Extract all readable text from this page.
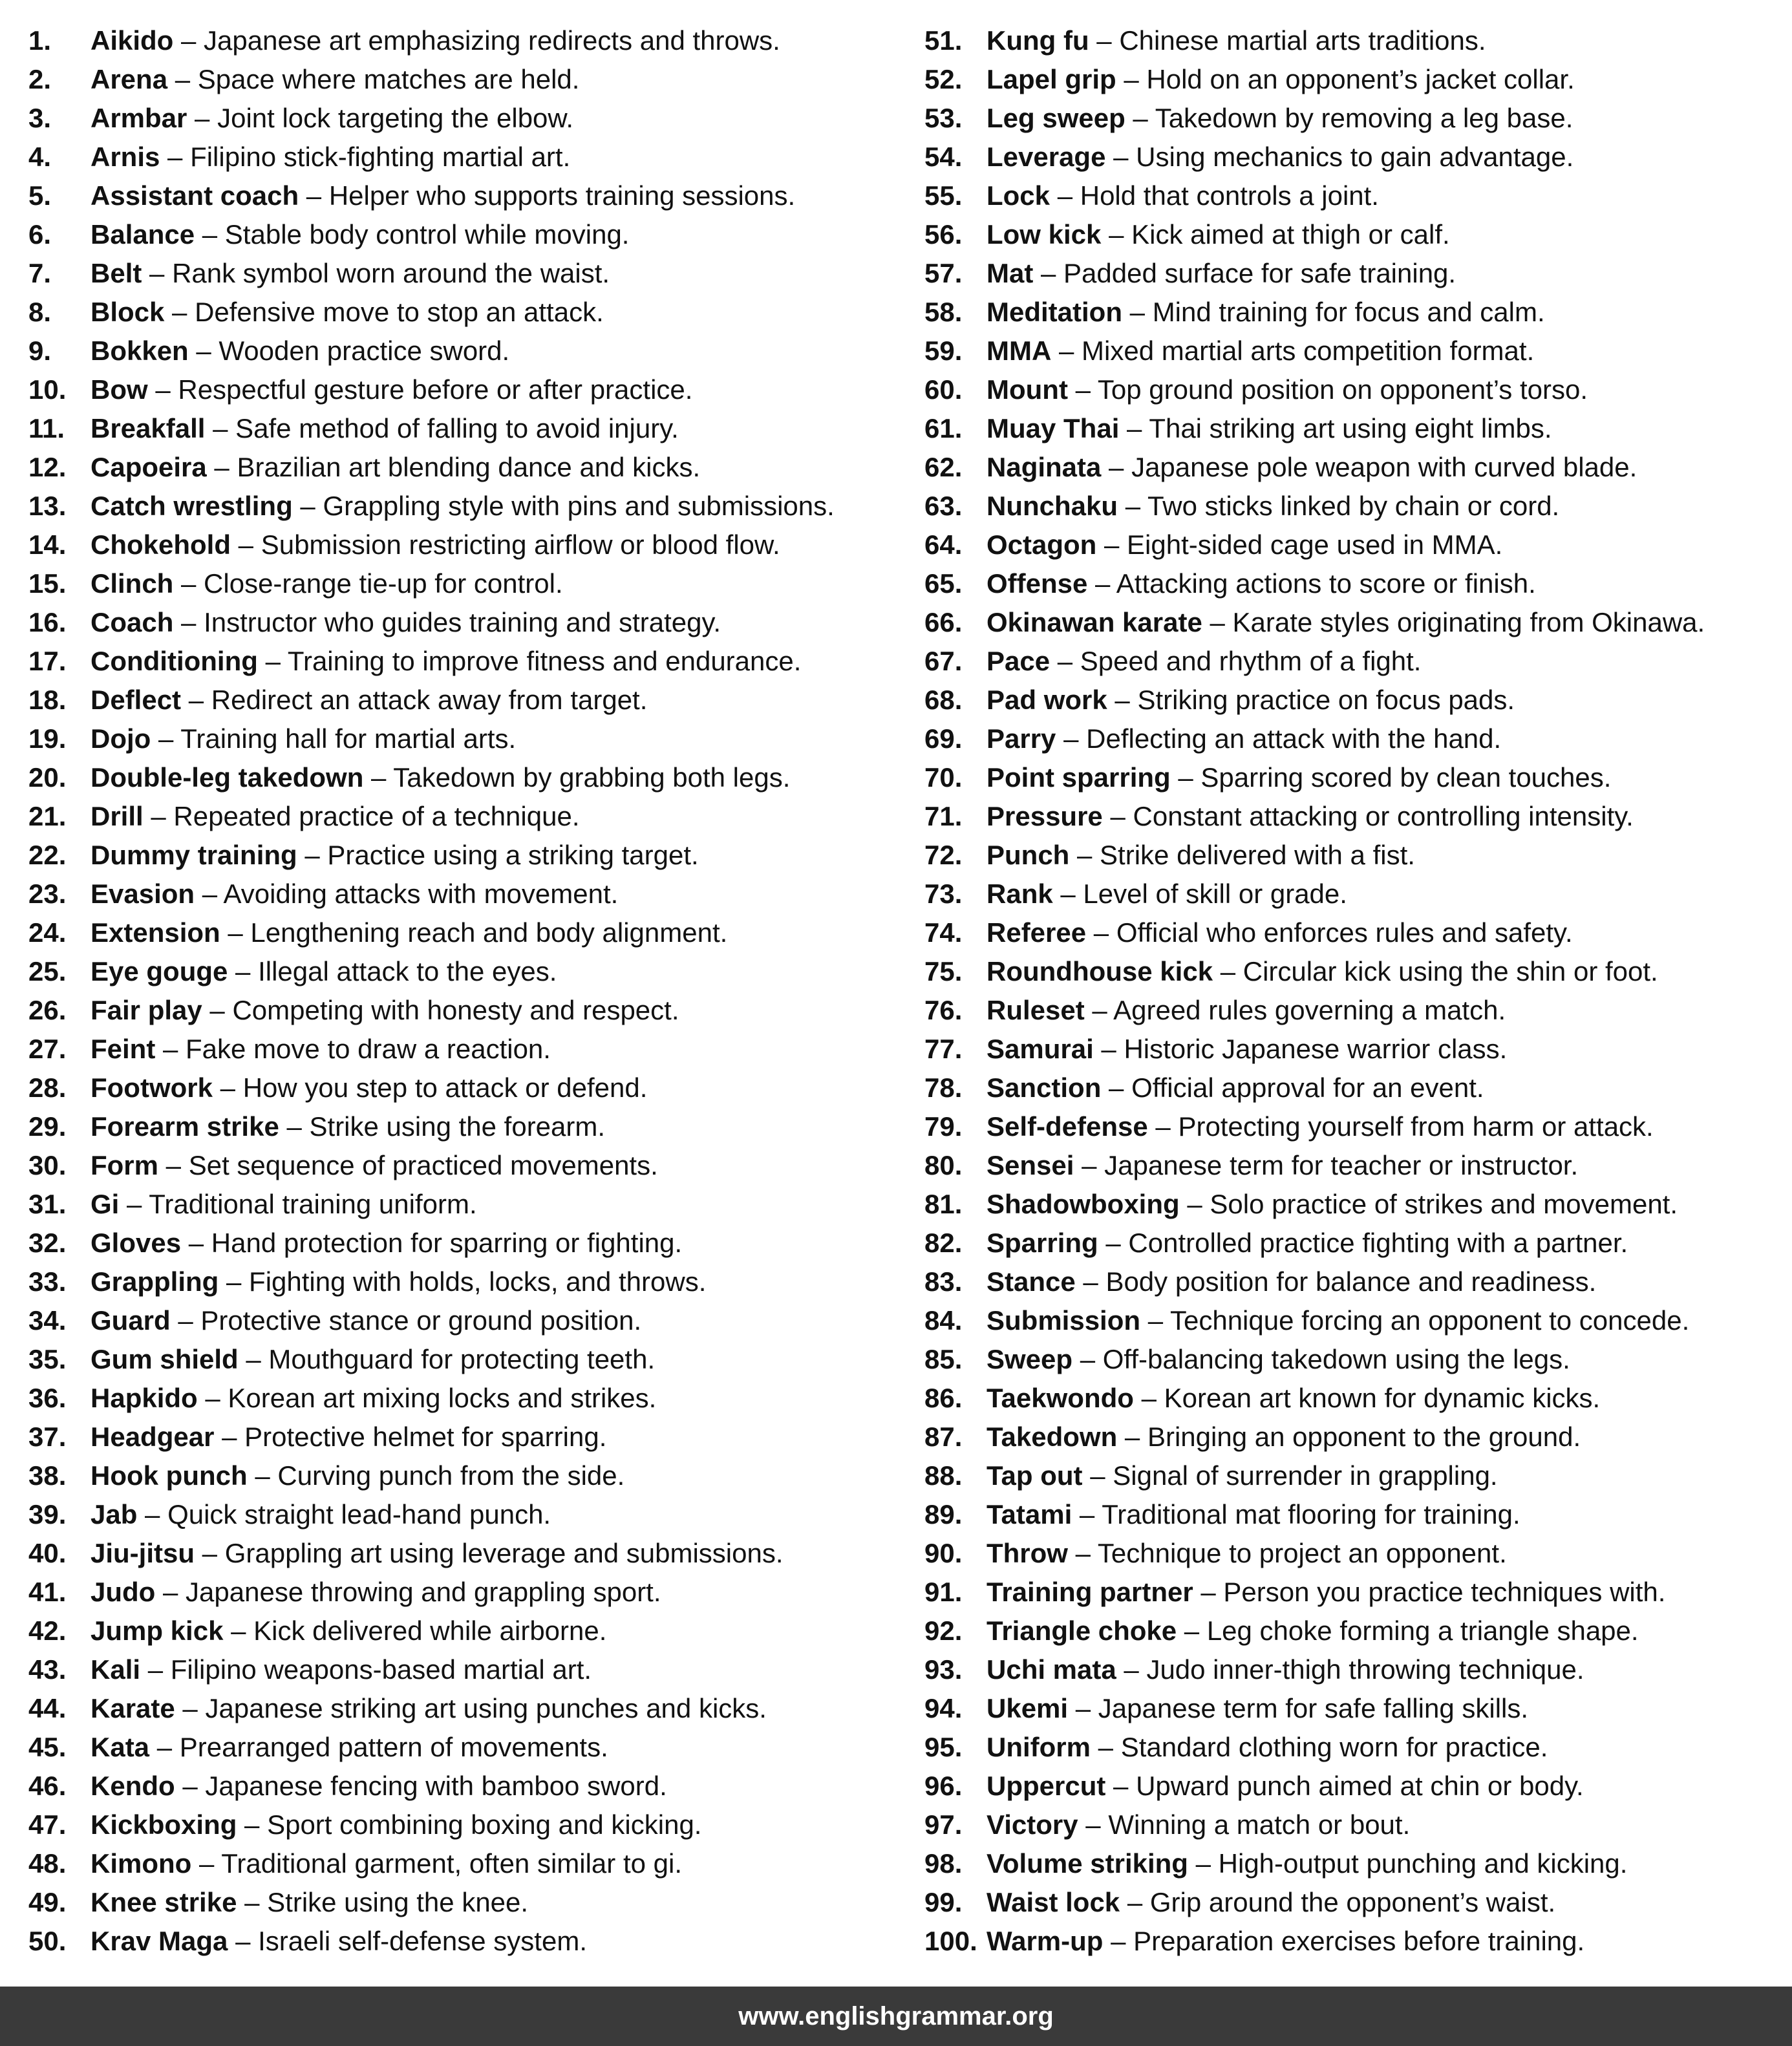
1.	Aikido – Japanese art emphasizing redirects and throws.
2.	Arena – Space where matches are held.
3.	Armbar – Joint lock targeting the elbow.
4.	Arnis – Filipino stick-fighting martial art.
5.	Assistant coach – Helper who supports training sessions.
6.	Balance – Stable body control while moving.
7.	Belt – Rank symbol worn around the waist.
8.	Block – Defensive move to stop an attack.
9.	Bokken – Wooden practice sword.
10. Bow – Respectful gesture before or after practice.
11. Breakfall – Safe method of falling to avoid injury.
12. Capoeira – Brazilian art blending dance and kicks.
13. Catch wrestling – Grappling style with pins and submissions.
14. Chokehold – Submission restricting airflow or blood flow.
15. Clinch – Close-range tie-up for control.
16. Coach – Instructor who guides training and strategy.
17. Conditioning – Training to improve fitness and endurance.
18. Deflect – Redirect an attack away from target.
19. Dojo – Training hall for martial arts.
20. Double-leg takedown – Takedown by grabbing both legs.
21. Drill – Repeated practice of a technique.
22. Dummy training – Practice using a striking target.
23. Evasion – Avoiding attacks with movement.
24. Extension – Lengthening reach and body alignment.
25. Eye gouge – Illegal attack to the eyes.
26. Fair play – Competing with honesty and respect.
27. Feint – Fake move to draw a reaction.
28. Footwork – How you step to attack or defend.
29. Forearm strike – Strike using the forearm.
30. Form – Set sequence of practiced movements.
31. Gi – Traditional training uniform.
32. Gloves – Hand protection for sparring or fighting.
33. Grappling – Fighting with holds, locks, and throws.
34. Guard – Protective stance or ground position.
35. Gum shield – Mouthguard for protecting teeth.
36. Hapkido – Korean art mixing locks and strikes.
37. Headgear – Protective helmet for sparring.
38. Hook punch – Curving punch from the side.
39. Jab – Quick straight lead-hand punch.
40. Jiu-jitsu – Grappling art using leverage and submissions.
41. Judo – Japanese throwing and grappling sport.
42. Jump kick – Kick delivered while airborne.
43. Kali – Filipino weapons-based martial art.
44. Karate – Japanese striking art using punches and kicks.
45. Kata – Prearranged pattern of movements.
46. Kendo – Japanese fencing with bamboo sword.
47. Kickboxing – Sport combining boxing and kicking.
48. Kimono – Traditional garment, often similar to gi.
49. Knee strike – Strike using the knee.
50. Krav Maga – Israeli self-defense system.
51. Kung fu – Chinese martial arts traditions.
52. Lapel grip – Hold on an opponent’s jacket collar.
53. Leg sweep – Takedown by removing a leg base.
54. Leverage – Using mechanics to gain advantage.
55. Lock – Hold that controls a joint.
56. Low kick – Kick aimed at thigh or calf.
57. Mat – Padded surface for safe training.
58. Meditation – Mind training for focus and calm.
59. MMA – Mixed martial arts competition format.
60. Mount – Top ground position on opponent’s torso.
61. Muay Thai – Thai striking art using eight limbs.
62. Naginata – Japanese pole weapon with curved blade.
63. Nunchaku – Two sticks linked by chain or cord.
64. Octagon – Eight-sided cage used in MMA.
65. Offense – Attacking actions to score or finish.
66. Okinawan karate – Karate styles originating from Okinawa.
67. Pace – Speed and rhythm of a fight.
68. Pad work – Striking practice on focus pads.
69. Parry – Deflecting an attack with the hand.
70. Point sparring – Sparring scored by clean touches.
71. Pressure – Constant attacking or controlling intensity.
72. Punch – Strike delivered with a fist.
73. Rank – Level of skill or grade.
74. Referee – Official who enforces rules and safety.
75. Roundhouse kick – Circular kick using the shin or foot.
76. Ruleset – Agreed rules governing a match.
77. Samurai – Historic Japanese warrior class.
78. Sanction – Official approval for an event.
79. Self-defense – Protecting yourself from harm or attack.
80. Sensei – Japanese term for teacher or instructor.
81. Shadowboxing – Solo practice of strikes and movement.
82. Sparring – Controlled practice fighting with a partner.
83. Stance – Body position for balance and readiness.
84. Submission – Technique forcing an opponent to concede.
85. Sweep – Off-balancing takedown using the legs.
86. Taekwondo – Korean art known for dynamic kicks.
87. Takedown – Bringing an opponent to the ground.
88. Tap out – Signal of surrender in grappling.
89. Tatami – Traditional mat flooring for training.
90. Throw – Technique to project an opponent.
91. Training partner – Person you practice techniques with.
92. Triangle choke – Leg choke forming a triangle shape.
93. Uchi mata – Judo inner-thigh throwing technique.
94. Ukemi – Japanese term for safe falling skills.
95. Uniform – Standard clothing worn for practice.
96. Uppercut – Upward punch aimed at chin or body.
97. Victory – Winning a match or bout.
98. Volume striking – High-output punching and kicking.
99. Waist lock – Grip around the opponent’s waist.
100. Warm-up – Preparation exercises before training.
www.englishgrammar.org
